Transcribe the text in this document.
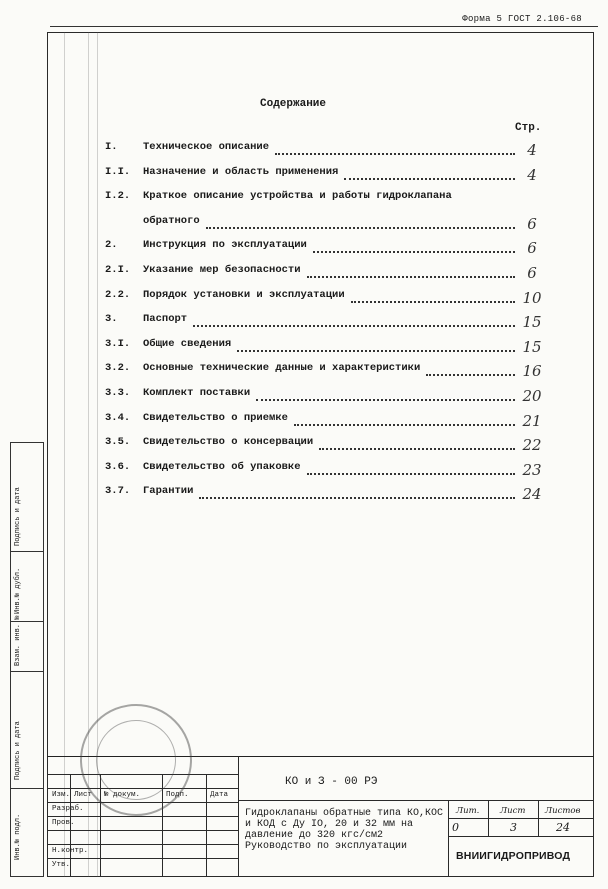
Форма 5 ГОСТ 2.106-68
Содержание
Стр.
I. Техническое описание	4
I.I. Назначение и область применения	4
I.2. Краткое описание устройства и работы гидроклапана
обратного	6
2. Инструкция по эксплуатации	6
2.I. Указание мер безопасности	6
2.2. Порядок установки и эксплуатации	10
3. Паспорт	15
3.I. Общие сведения	15
3.2. Основные технические данные и характеристики	16
3.3. Комплект поставки	20
3.4. Свидетельство о приемке	21
3.5. Свидетельство о консервации	22
3.6. Свидетельство об упаковке	23
3.7. Гарантии	24
Подпись и дата
Инв.№ дубл.
Взам. инв. №
Подпись и дата
Инв.№ подл.
Изм. Лист № докум.	Подп.	Дата
Разраб.
Пров.
Н.контр.
Утв.
КО и З - 00 РЭ
Гидроклапаны обратные типа КО,КОС и КОД с Ду IO, 20 и 32 мм на давление до 320 кгс/см2 Руководство по эксплуатации
Лит. Лист Листов
0	3	24
ВНИИГИДРОПРИВОД
